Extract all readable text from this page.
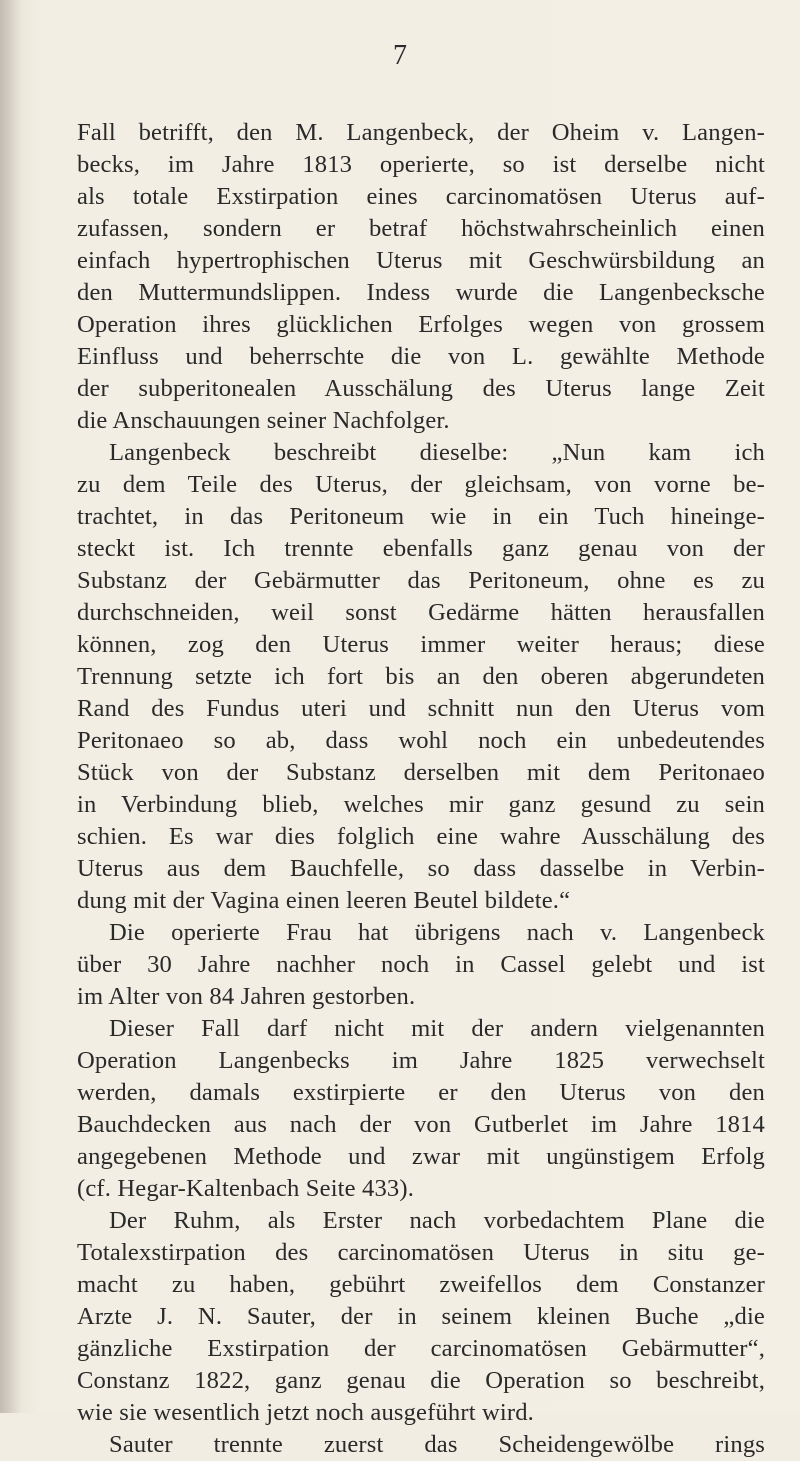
7
Fall betrifft, den M. Langenbeck, der Oheim v. Langen-
becks, im Jahre 1813 operierte, so ist derselbe nicht
als totale Exstirpation eines carcinomatösen Uterus auf-
zufassen, sondern er betraf höchstwahrscheinlich einen
einfach hypertrophischen Uterus mit Geschwürsbildung an
den Muttermundslippen. Indess wurde die Langenbecksche
Operation ihres glücklichen Erfolges wegen von grossem
Einfluss und beherrschte die von L. gewählte Methode
der subperitonealen Ausschälung des Uterus lange Zeit
die Anschauungen seiner Nachfolger.
Langenbeck beschreibt dieselbe: „Nun kam ich
zu dem Teile des Uterus, der gleichsam, von vorne be-
trachtet, in das Peritoneum wie in ein Tuch hineinge-
steckt ist. Ich trennte ebenfalls ganz genau von der
Substanz der Gebärmutter das Peritoneum, ohne es zu
durchschneiden, weil sonst Gedärme hätten herausfallen
können, zog den Uterus immer weiter heraus; diese
Trennung setzte ich fort bis an den oberen abgerundeten
Rand des Fundus uteri und schnitt nun den Uterus vom
Peritonaeo so ab, dass wohl noch ein unbedeutendes
Stück von der Substanz derselben mit dem Peritonaeo
in Verbindung blieb, welches mir ganz gesund zu sein
schien. Es war dies folglich eine wahre Ausschälung des
Uterus aus dem Bauchfelle, so dass dasselbe in Verbin-
dung mit der Vagina einen leeren Beutel bildete.“
Die operierte Frau hat übrigens nach v. Langenbeck
über 30 Jahre nachher noch in Cassel gelebt und ist
im Alter von 84 Jahren gestorben.
Dieser Fall darf nicht mit der andern vielgenannten
Operation Langenbecks im Jahre 1825 verwechselt
werden, damals exstirpierte er den Uterus von den
Bauchdecken aus nach der von Gutberlet im Jahre 1814
angegebenen Methode und zwar mit ungünstigem Erfolg
(cf. Hegar-Kaltenbach Seite 433).
Der Ruhm, als Erster nach vorbedachtem Plane die
Totalexstirpation des carcinomatösen Uterus in situ ge-
macht zu haben, gebührt zweifellos dem Constanzer
Arzte J. N. Sauter, der in seinem kleinen Buche „die
gänzliche Exstirpation der carcinomatösen Gebärmutter“,
Constanz 1822, ganz genau die Operation so beschreibt,
wie sie wesentlich jetzt noch ausgeführt wird.
Sauter trennte zuerst das Scheidengewölbe rings
